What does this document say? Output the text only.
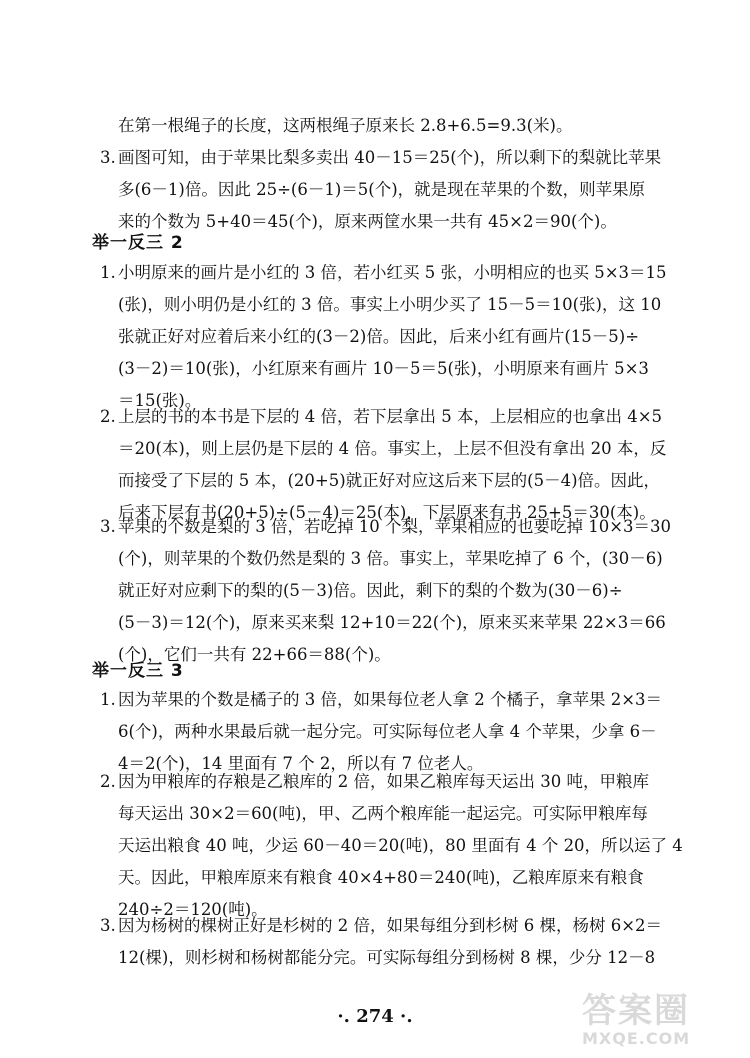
在第一根绳子的长度，这两根绳子原来长 2.8+6.5=9.3(米)。
3. 画图可知，由于苹果比梨多卖出 40－15＝25(个)，所以剩下的梨就比苹果
多(6－1)倍。因此 25÷(6－1)＝5(个)，就是现在苹果的个数，则苹果原
来的个数为 5+40＝45(个)，原来两筐水果一共有 45×2＝90(个)。
举一反三 2
1. 小明原来的画片是小红的 3 倍，若小红买 5 张，小明相应的也买 5×3＝15
(张)，则小明仍是小红的 3 倍。事实上小明少买了 15－5＝10(张)，这 10
张就正好对应着后来小红的(3－2)倍。因此，后来小红有画片(15－5)÷
(3－2)＝10(张)，小红原来有画片 10－5＝5(张)，小明原来有画片 5×3
＝15(张)。
2. 上层的书的本书是下层的 4 倍，若下层拿出 5 本，上层相应的也拿出 4×5
＝20(本)，则上层仍是下层的 4 倍。事实上，上层不但没有拿出 20 本，反
而接受了下层的 5 本，(20+5)就正好对应这后来下层的(5－4)倍。因此，
后来下层有书(20+5)÷(5－4)＝25(本)，下层原来有书 25+5＝30(本)。
3. 苹果的个数是梨的 3 倍，若吃掉 10 个梨，苹果相应的也要吃掉 10×3＝30
(个)，则苹果的个数仍然是梨的 3 倍。事实上，苹果吃掉了 6 个，(30－6)
就正好对应剩下的梨的(5－3)倍。因此，剩下的梨的个数为(30－6)÷
(5－3)＝12(个)，原来买来梨 12+10＝22(个)，原来买来苹果 22×3＝66
(个)，它们一共有 22+66＝88(个)。
举一反三 3
1. 因为苹果的个数是橘子的 3 倍，如果每位老人拿 2 个橘子，拿苹果 2×3＝
6(个)，两种水果最后就一起分完。可实际每位老人拿 4 个苹果，少拿 6－
4＝2(个)，14 里面有 7 个 2，所以有 7 位老人。
2. 因为甲粮库的存粮是乙粮库的 2 倍，如果乙粮库每天运出 30 吨，甲粮库
每天运出 30×2＝60(吨)，甲、乙两个粮库能一起运完。可实际甲粮库每
天运出粮食 40 吨，少运 60－40＝20(吨)，80 里面有 4 个 20，所以运了 4
天。因此，甲粮库原来有粮食 40×4+80＝240(吨)，乙粮库原来有粮食
240÷2＝120(吨)。
3. 因为杨树的棵树正好是杉树的 2 倍，如果每组分到杉树 6 棵，杨树 6×2＝
12(棵)，则杉树和杨树都能分完。可实际每组分到杨树 8 棵，少分 12－8
·. 274 ·.	答案圈
MXQE.COM
